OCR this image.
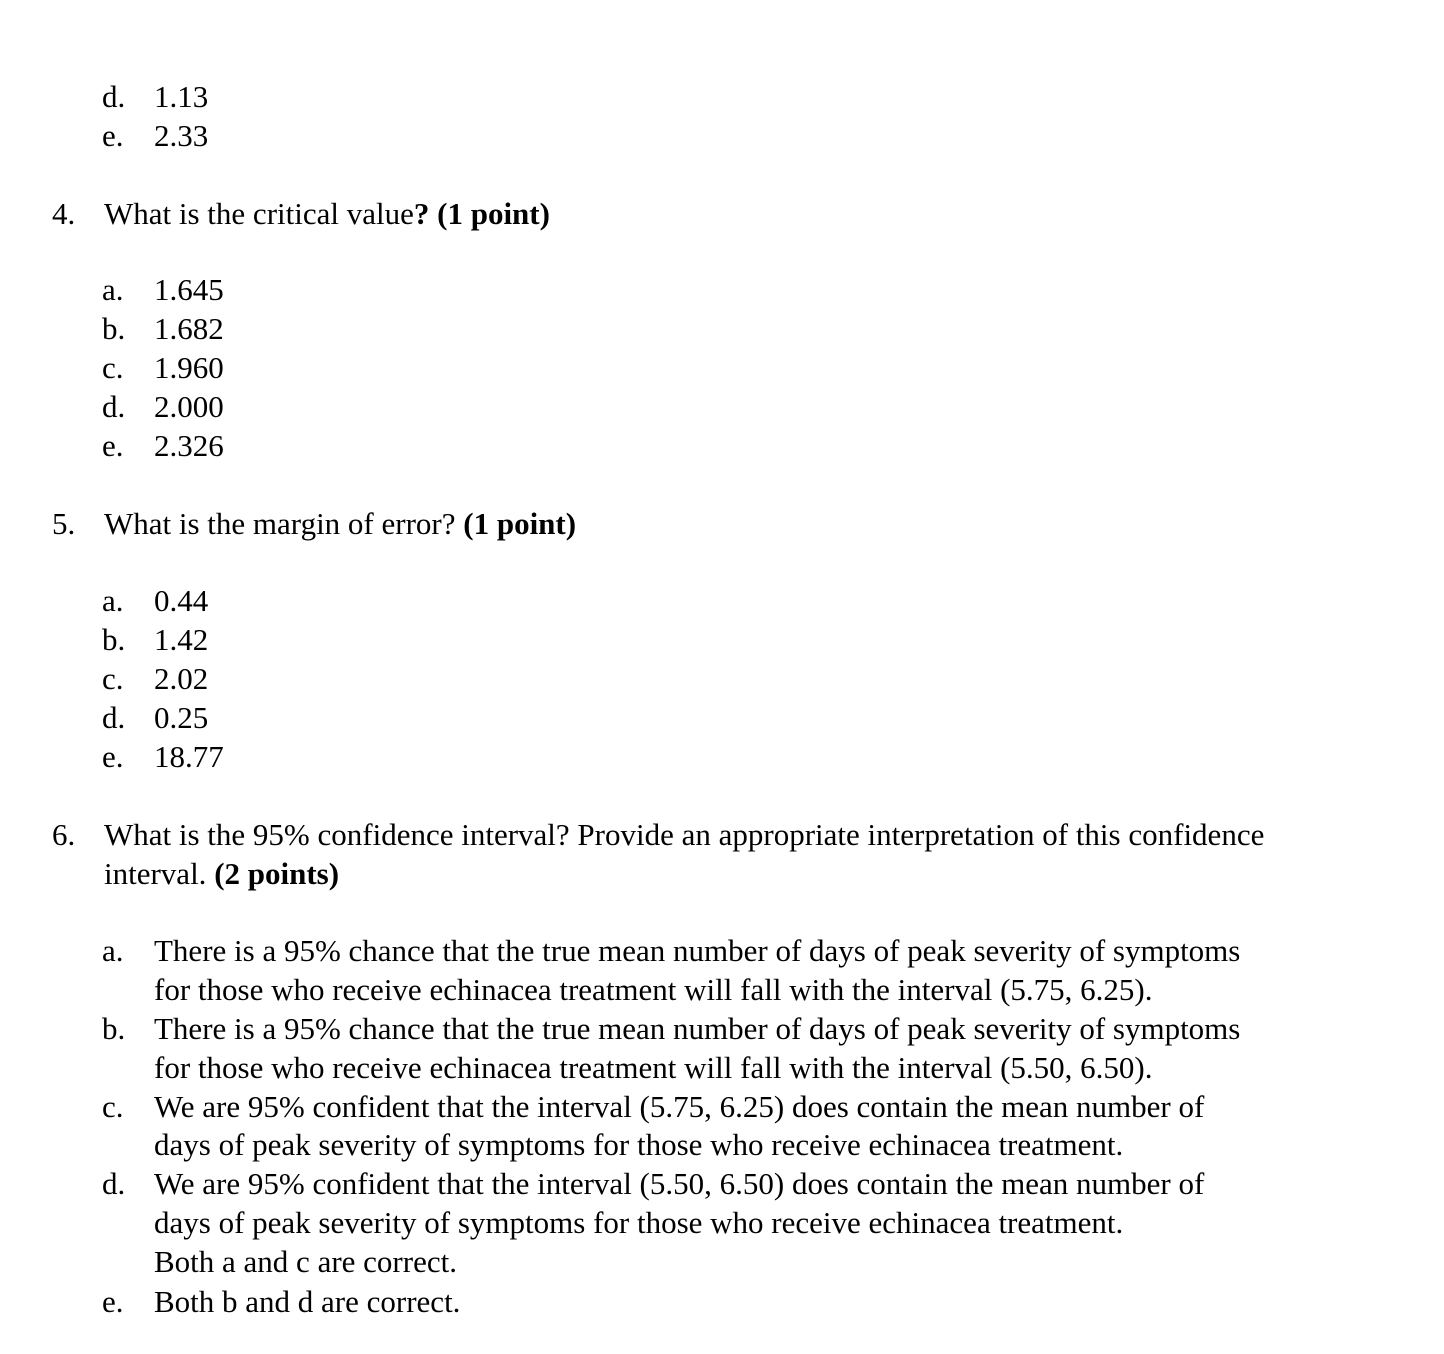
d. 1.13
e. 2.33
4. What is the critical value? (1 point)
a. 1.645
b. 1.682
c. 1.960
d. 2.000
e. 2.326
5. What is the margin of error? (1 point)
a. 0.44
b. 1.42
c. 2.02
d. 0.25
e. 18.77
6. What is the 95% confidence interval? Provide an appropriate interpretation of this confidence
interval. (2 points)
a. There is a 95% chance that the true mean number of days of peak severity of symptoms
for those who receive echinacea treatment will fall with the interval (5.75, 6.25).
b. There is a 95% chance that the true mean number of days of peak severity of symptoms
for those who receive echinacea treatment will fall with the interval (5.50, 6.50).
c. We are 95% confident that the interval (5.75, 6.25) does contain the mean number of
days of peak severity of symptoms for those who receive echinacea treatment.
d. We are 95% confident that the interval (5.50, 6.50) does contain the mean number of
days of peak severity of symptoms for those who receive echinacea treatment.
Both a and c are correct.
e. Both b and d are correct.
